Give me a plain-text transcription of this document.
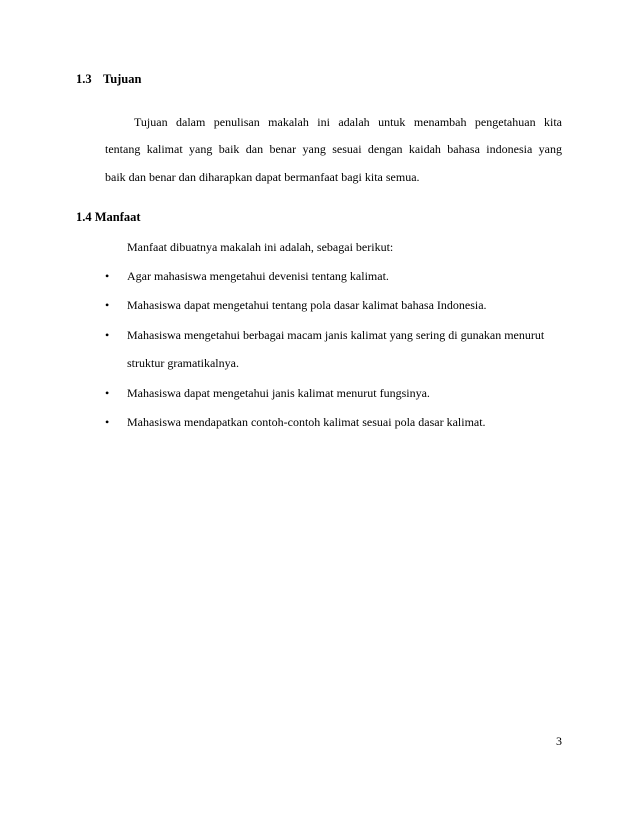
1.3 Tujuan
Tujuan dalam penulisan makalah ini adalah untuk menambah pengetahuan kita
tentang kalimat yang baik dan benar yang sesuai dengan kaidah bahasa indonesia yang
baik dan benar dan diharapkan dapat bermanfaat bagi kita semua.
1.4 Manfaat
Manfaat dibuatnya makalah ini adalah, sebagai berikut:
• Agar mahasiswa mengetahui devenisi tentang kalimat.
• Mahasiswa dapat mengetahui tentang pola dasar kalimat bahasa Indonesia.
• Mahasiswa mengetahui berbagai macam janis kalimat yang sering di gunakan menurut
struktur gramatikalnya.
• Mahasiswa dapat mengetahui janis kalimat menurut fungsinya.
• Mahasiswa mendapatkan contoh-contoh kalimat sesuai pola dasar kalimat.
3
